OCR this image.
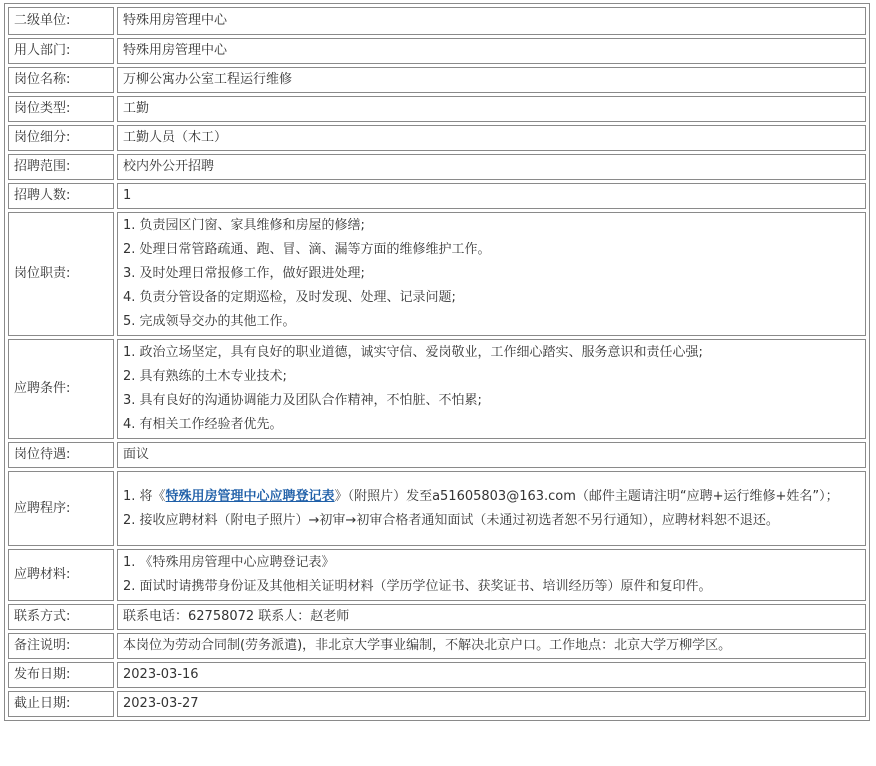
二级单位:	特殊用房管理中心
用人部门:	特殊用房管理中心
岗位名称:	万柳公寓办公室工程运行维修
岗位类型:	工勤
岗位细分:	工勤人员（木工）
招聘范围:	校内外公开招聘
招聘人数:	1
岗位职责:	1. 负责园区门窗、家具维修和房屋的修缮;
2. 处理日常管路疏通、跑、冒、滴、漏等方面的维修维护工作。
3. 及时处理日常报修工作，做好跟进处理;
4. 负责分管设备的定期巡检，及时发现、处理、记录问题;
5. 完成领导交办的其他工作。

应聘条件:	1. 政治立场坚定，具有良好的职业道德，诚实守信、爱岗敬业，工作细心踏实、服务意识和责任心强;
2. 具有熟练的土木专业技术;
3. 具有良好的沟通协调能力及团队合作精神，不怕脏、不怕累;
4. 有相关工作经验者优先。

岗位待遇:	面议
应聘程序:	1. 将《特殊用房管理中心应聘登记表》（附照片）发至a51605803@163.com（邮件主题请注明“应聘+运行维修+姓名”）；
2. 接收应聘材料（附电子照片）→初审→初审合格者通知面试（未通过初选者恕不另行通知），应聘材料恕不退还。

应聘材料:	1. 《特殊用房管理中心应聘登记表》
2. 面试时请携带身份证及其他相关证明材料（学历学位证书、获奖证书、培训经历等）原件和复印件。

联系方式:	联系电话：62758072 联系人：赵老师
备注说明:	本岗位为劳动合同制(劳务派遣)，非北京大学事业编制，不解决北京户口。工作地点：北京大学万柳学区。
发布日期:	2023-03-16
截止日期:	2023-03-27
